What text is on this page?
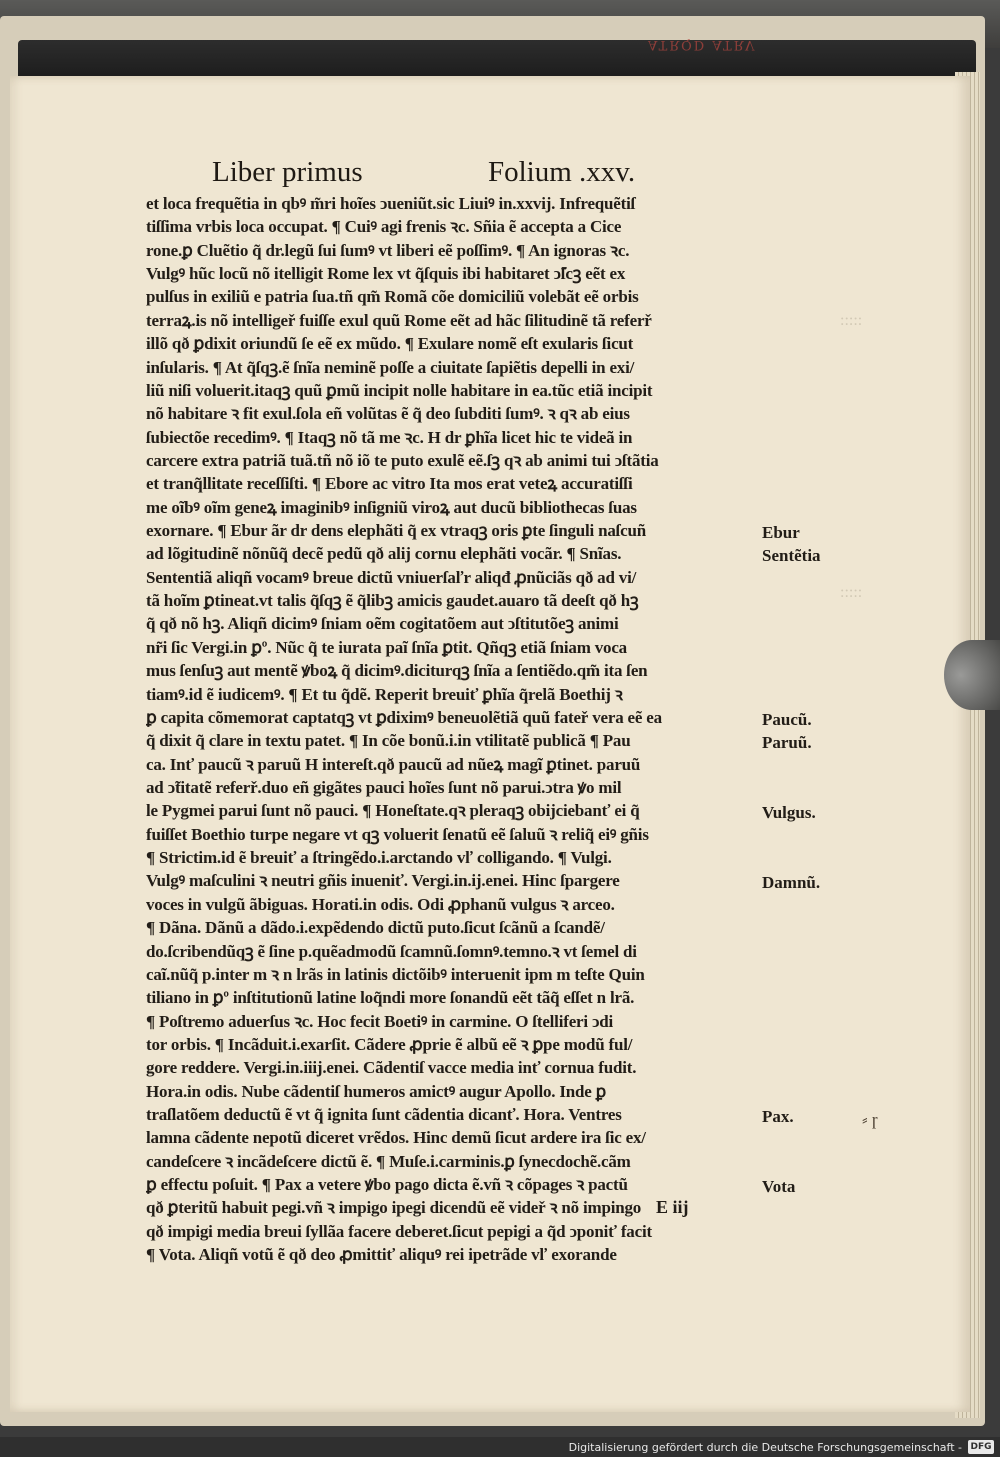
ATRQD ATRV
:::::
:::::
Liber primus	Folium .xxv.
et loca frequẽtia in qbꝰ m̃ri hoĩes ↄueniũt.sic Liuiꝰ in.xxvij. Infrequẽtiſ
tiſſima vrbis loca occupat. ¶ Cuiꝰ agi frenis ꝛc. Sñia ẽ accepta a Cice
rone.ꝑ Cluẽtio q̃ dr.legũ ſui ſumꝰ vt liberi eẽ poſſimꝰ. ¶ An ignoras ꝛc.
Vulgꝰ hũc locũ nõ itelligit Rome lex vt q̃ſquis ibi habitaret ↄ̃ſcꝫ eẽt ex
pulſus in exiliũ e patria ſua.tñ qm̃ Romã cõe domiciliũ volebãt eẽ orbis
terraꝝ.is nõ intelligeř fuiſſe exul quũ Rome eẽt ad hãc ſilitudinẽ tã referř
illõ qð ꝑdixit oriundũ ſe eẽ ex mũdo. ¶ Exulare nomẽ eſt exularis ſicut
inſularis. ¶ At q̃ſqꝫ.ẽ ſnĩa neminẽ poſſe a ciuitate ſapiẽtis depelli in exi/
liũ niſi voluerit.itaqꝫ quũ ꝑmũ incipit nolle habitare in ea.tũc etiã incipit
nõ habitare ꝛ fit exul.ſola eñ volũtas ẽ q̃ deo ſubditi ſumꝰ. ꝛ qꝛ ab eius
ſubiectõe recedimꝰ. ¶ Itaqꝫ nõ tã me ꝛc. H dr ꝑhĩa licet hic te videã in
carcere extra patriã tuã.tñ nõ iõ te puto exulẽ eẽ.ſꝫ qꝛ ab animi tui ↄſtãtia
et tranq̃llitate receſſiſti. ¶ Ebore ac vitro Ita mos erat veteꝝ accuratiſſi
me oĩbꝰ oĩm geneꝝ imaginibꝰ inſigniũ viroꝝ aut ducũ bibliothecas ſuas
exornare. ¶ Ebur ãr dr dens elephãti q̃ ex vtraqꝫ oris ꝑte ſinguli naſcuñ
ad lõgitudinẽ nõnũq̃ decẽ pedũ qð alij cornu elephãti vocãr. ¶ Snĩas.
Sententiã aliqñ vocamꝰ breue dictũ vniuerſaľr aliqđ ꝓnũciãs qð ad vi/
tã hoĩm ꝑtineat.vt talis q̃ſqꝫ ẽ q̃libꝫ amicis gaudet.auaro tã deeſt qð hꝫ
q̃ qð nõ hꝫ. Aliqñ dicimꝰ ſniam oẽm cogitatõem aut ↄſtitutõeꝫ animi
nr̃i ſic Vergi.in ꝑº. Nũc q̃ te iurata paĩ ſnĩa ꝑtit. Qñqꝫ etiã ſniam voca
mus ſenſuꝫ aut mentẽ ꝟboꝝ q̃ dicimꝰ.diciturqꝫ ſnĩa a ſentiẽdo.qm̃ ita ſen
tiamꝰ.id ẽ iudicemꝰ. ¶ Et tu q̃dẽ. Reperit breuiť ꝑhĩa q̃relã Boethij ꝛ
ꝑ capita cõmemorat captatqꝫ vt ꝑdiximꝰ beneuolẽtiã quũ fateř vera eẽ ea
q̃ dixit q̃ clare in textu patet. ¶ In cõe bonũ.i.in vtilitatẽ publicã ¶ Pau
ca. Inť paucũ ꝛ paruũ H intereſt.qð paucũ ad nũeꝝ magĩ ꝑtinet. paruũ
ad ↄ̃titatẽ referř.duo eñ gigãtes pauci hoĩes ſunt nõ parui.ↄtra ꝟo mil
le Pygmei parui ſunt nõ pauci. ¶ Honeſtate.qꝛ pleraqꝫ obijciebanť ei q̃
fuiſſet Boethio turpe negare vt qꝫ voluerit ſenatũ eẽ ſaluũ ꝛ reliq̃ eiꝰ gñis
¶ Strictim.id ẽ breuiť a ſtringẽdo.i.arctando vľ colligando. ¶ Vulgi.
Vulgꝰ maſculini ꝛ neutri gñis inueniť. Vergi.in.ij.enei. Hinc ſpargere
voces in vulgũ ãbiguas. Horati.in odis. Odi ꝓphanũ vulgus ꝛ arceo.
¶ Dãna. Dãnũ a dãdo.i.expẽdendo dictũ puto.ſicut ſcãnũ a ſcandẽ/
do.ſcribendũqꝫ ẽ ſine p.quẽadmodũ ſcamnũ.ſomnꝰ.temno.ꝛ vt ſemel di
caĩ.nũq̃ p.inter m ꝛ n lrãs in latinis dictõibꝰ interuenit ipm m teſte Quin
tiliano in ꝑº inſtitutionũ latine loq̃ndi more ſonandũ eẽt tãq̃ eſſet n lrã.
¶ Poſtremo aduerſus ꝛc. Hoc fecit Boetiꝰ in carmine. O ſtelliferi ↄdi
tor orbis. ¶ Incãduit.i.exarſit. Cãdere ꝓprie ẽ albũ eẽ ꝛ ꝑpe modũ ful/
gore reddere. Vergi.in.iiij.enei. Cãdentiſ vacce media inť cornua fudit.
Hora.in odis. Nube cãdentiſ humeros amictꝰ augur Apollo. Inde ꝑ
traſlatõem deductũ ẽ vt q̃ ignita ſunt cãdentia dicanť. Hora. Ventres
lamna cãdente nepotũ diceret vrẽdos. Hinc demũ ſicut ardere ira ſic ex/
candeſcere ꝛ incãdeſcere dictũ ẽ. ¶ Muſe.i.carminis.ꝑ ſynecdochẽ.cãm
ꝑ effectu poſuit. ¶ Pax a vetere ꝟbo pago dicta ẽ.vñ ꝛ cõpages ꝛ pactũ
qð ꝑteritũ habuit pegi.vñ ꝛ impigo ipegi dicendũ eẽ videř ꝛ nõ impingo
qð impigi media breui ſyllãa facere deberet.ſicut pepigi a q̃d ↄponiť facit
¶ Vota. Aliqñ votũ ẽ qð deo ꝓmittiť aliquꝰ rei ipetrãde vľ exorande
Ebur
Sentẽtia
Paucũ.
Paruũ.
Vulgus.
Damnũ.
Pax.
Vota
⸗ ɼ
E iij
Digitalisierung gefördert durch die Deutsche Forschungsgemeinschaft - DFG
